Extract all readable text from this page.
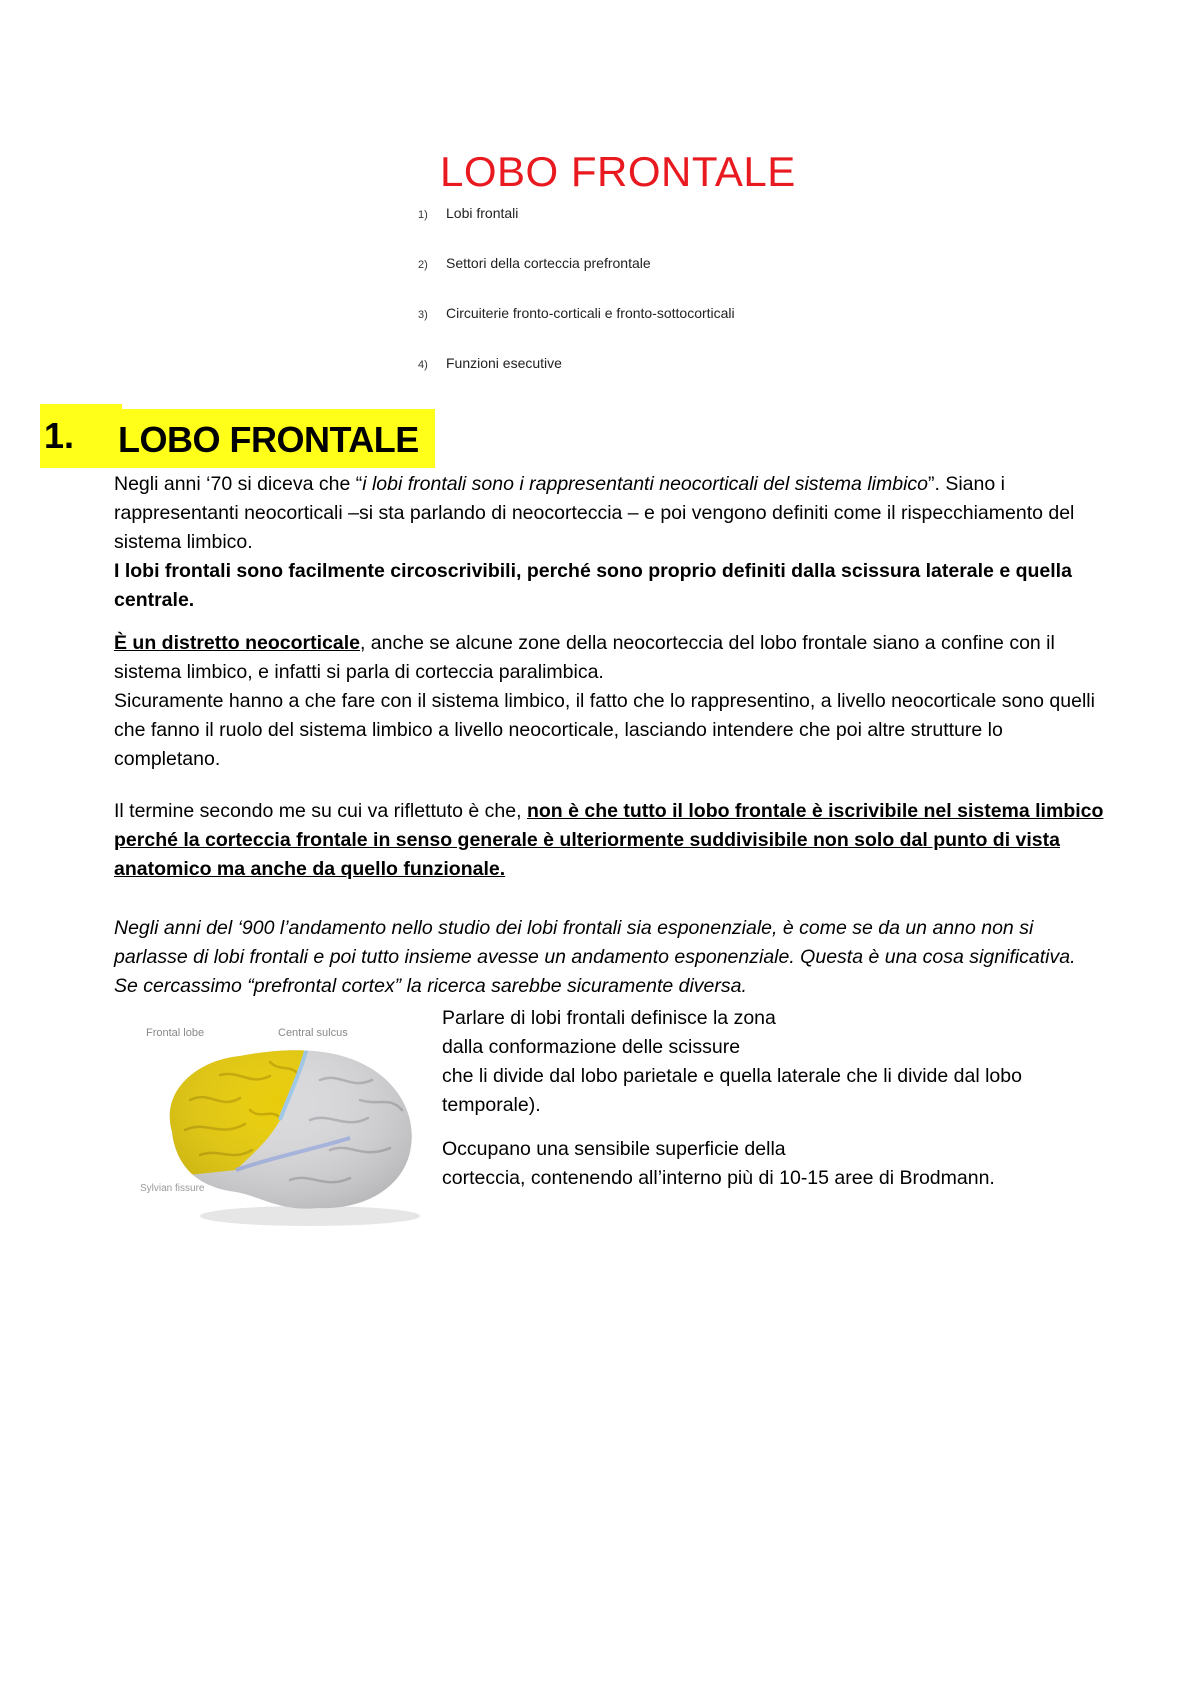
LOBO FRONTALE
1) Lobi frontali
2) Settori della corteccia prefrontale
3) Circuiterie fronto-corticali e fronto-sottocorticali
4) Funzioni esecutive
1.	LOBO FRONTALE

Negli anni ‘70 si diceva che “i lobi frontali sono i rappresentanti neocorticali del sistema limbico”. Siano i rappresentanti neocorticali –si sta parlando di neocorteccia – e poi vengono definiti come il rispecchiamento del sistema limbico.

I lobi frontali sono facilmente circoscrivibili, perché sono proprio definiti dalla scissura laterale e quella centrale.

È un distretto neocorticale, anche se alcune zone della neocorteccia del lobo frontale siano a confine con il sistema limbico, e infatti si parla di corteccia paralimbica.

Sicuramente hanno a che fare con il sistema limbico, il fatto che lo rappresentino, a livello neocorticale sono quelli che fanno il ruolo del sistema limbico a livello neocorticale, lasciando intendere che poi altre strutture lo completano.

Il termine secondo me su cui va riflettuto è che, non è che tutto il lobo frontale è iscrivibile nel sistema limbico perché la corteccia frontale in senso generale è ulteriormente suddivisibile non solo dal punto di vista anatomico ma anche da quello funzionale.

Negli anni del ‘900 l’andamento nello studio dei lobi frontali sia esponenziale, è come se da un anno non si parlasse di lobi frontali e poi tutto insieme avesse un andamento esponenziale. Questa è una cosa significativa. Se cercassimo “prefrontal cortex” la ricerca sarebbe sicuramente diversa.

Frontal lobe	Central sulcus
Sylvian fissure

Parlare di lobi frontali definisce la zona

dalla conformazione delle scissure

che li divide dal lobo parietale e quella laterale che li divide dal lobo temporale).

Occupano una sensibile superficie della

corteccia, contenendo all’interno più di 10-15 aree di Brodmann.
